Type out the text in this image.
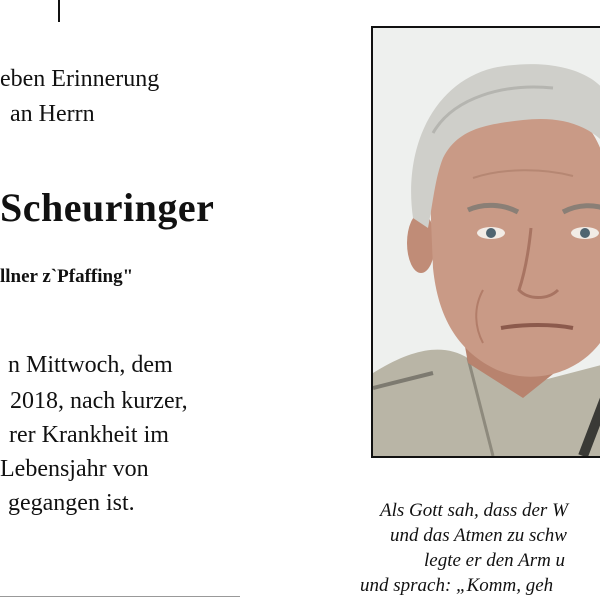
eben Erinnerung
an Herrn
Scheuringer
llner z`Pfaffing"
n Mittwoch, dem
2018, nach kurzer,
rer Krankheit im
Lebensjahr von
gegangen ist.	Als Gott sah, dass der W
und das Atmen zu schw
legte er den Arm u
und sprach: „Komm, geh
